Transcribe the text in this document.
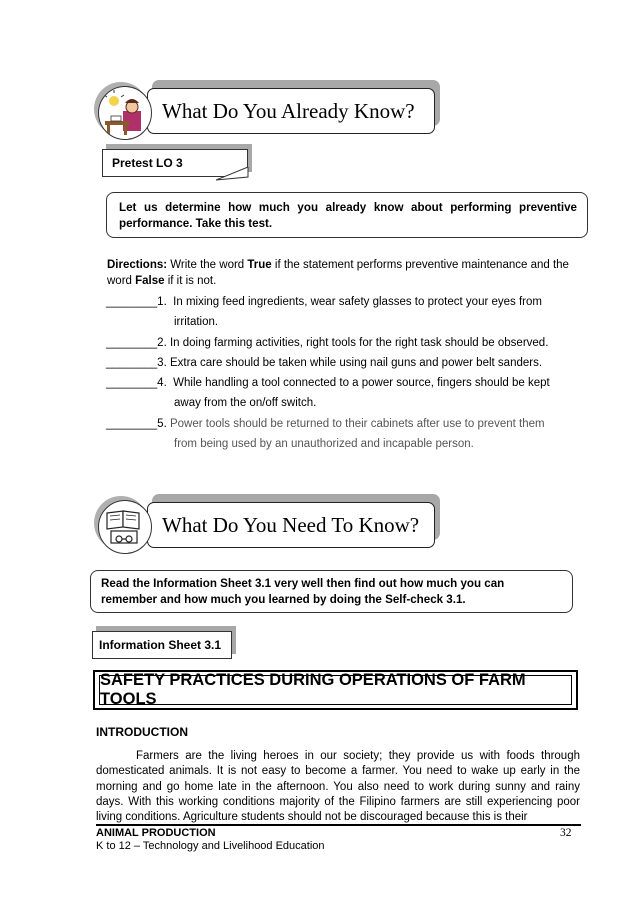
What Do You Already Know?
Pretest LO 3
Let us determine how much you already know about performing preventive performance. Take this test.
Directions: Write the word True if the statement performs preventive maintenance and the word False if it is not.
________1. In mixing feed ingredients, wear safety glasses to protect your eyes from
irritation.
________2. In doing farming activities, right tools for the right task should be observed.
________3. Extra care should be taken while using nail guns and power belt sanders.
________4. While handling a tool connected to a power source, fingers should be kept
away from the on/off switch.
________5. Power tools should be returned to their cabinets after use to prevent them
from being used by an unauthorized and incapable person.
What Do You Need To Know?
Read the Information Sheet 3.1 very well then find out how much you can remember and how much you learned by doing the Self-check 3.1.
Information Sheet 3.1
SAFETY PRACTICES DURING OPERATIONS OF FARM TOOLS
INTRODUCTION
Farmers are the living heroes in our society; they provide us with foods through domesticated animals. It is not easy to become a farmer. You need to wake up early in the morning and go home late in the afternoon. You also need to work during sunny and rainy days. With this working conditions majority of the Filipino farmers are still experiencing poor living conditions. Agriculture students should not be discouraged because this is their
ANIMAL PRODUCTION	32
K to 12 – Technology and Livelihood Education
